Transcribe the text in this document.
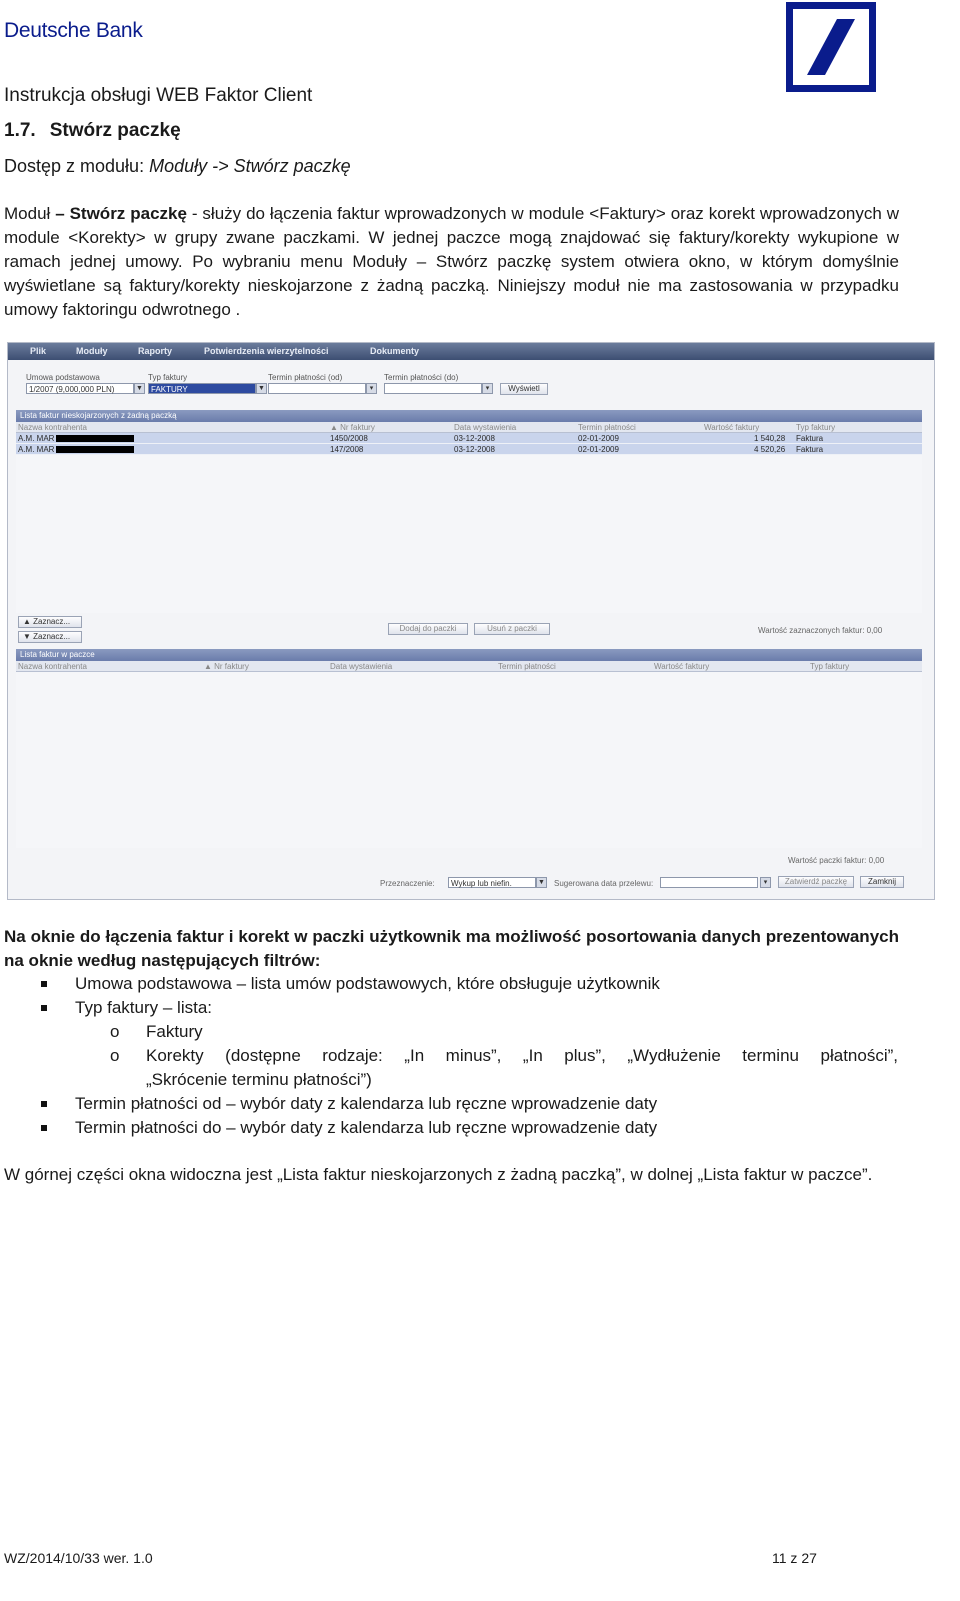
Deutsche Bank
Instrukcja obsługi WEB Faktor Client
1.7. Stwórz paczkę
Dostęp z modułu: Moduły -> Stwórz paczkę
Moduł – Stwórz paczkę - służy do łączenia faktur wprowadzonych w module <Faktury> oraz korekt wprowadzonych w module <Korekty> w grupy zwane paczkami. W jednej paczce mogą znajdować się faktury/korekty wykupione w ramach jednej umowy. Po wybraniu menu Moduły – Stwórz paczkę system otwiera okno, w którym domyślnie wyświetlane są faktury/korekty nieskojarzone z żadną paczką. Niniejszy moduł nie ma zastosowania w przypadku umowy faktoringu odwrotnego .
Plik	Moduły	Raporty	Potwierdzenia wierzytelności	Dokumenty
Umowa podstawowa
1/2007 (9,000,000 PLN)	▼
Typ faktury
FAKTURY	▼
Termin płatności (od)
▾
Termin płatności (do)
▾	Wyświetl
Lista faktur nieskojarzonych z żadną paczką
Nazwa kontrahenta	▲ Nr faktury	Data wystawienia	Termin płatności	Wartość faktury	Typ faktury
A.M. MAR	1450/2008	03-12-2008	02-01-2009	1 540,28 Faktura
A.M. MAR	147/2008	03-12-2008	02-01-2009	4 520,26 Faktura
▲ Zaznacz...
▼ Zaznacz...
Dodaj do paczki	Usuń z paczki	Wartość zaznaczonych faktur: 0,00
Lista faktur w paczce
Nazwa kontrahenta	▲ Nr faktury	Data wystawienia	Termin płatności	Wartość faktury	Typ faktury
Wartość paczki faktur: 0,00
Przeznaczenie:	Wykup lub niefin.	▼ Sugerowana data przelewu:	▾	Zatwierdź paczkę	Zamknij
Na oknie do łączenia faktur i korekt w paczki użytkownik ma możliwość posortowania danych prezentowanych na oknie według następujących filtrów:
Umowa podstawowa – lista umów podstawowych, które obsługuje użytkownik
Typ faktury – lista:
o Faktury
o Korekty (dostępne rodzaje: „In minus”, „In plus”, „Wydłużenie terminu płatności”,
„Skrócenie terminu płatności”)
Termin płatności od – wybór daty z kalendarza lub ręczne wprowadzenie daty
Termin płatności do – wybór daty z kalendarza lub ręczne wprowadzenie daty
W górnej części okna widoczna jest „Lista faktur nieskojarzonych z żadną paczką”, w dolnej „Lista faktur w paczce”.
WZ/2014/10/33 wer. 1.0	11 z 27
